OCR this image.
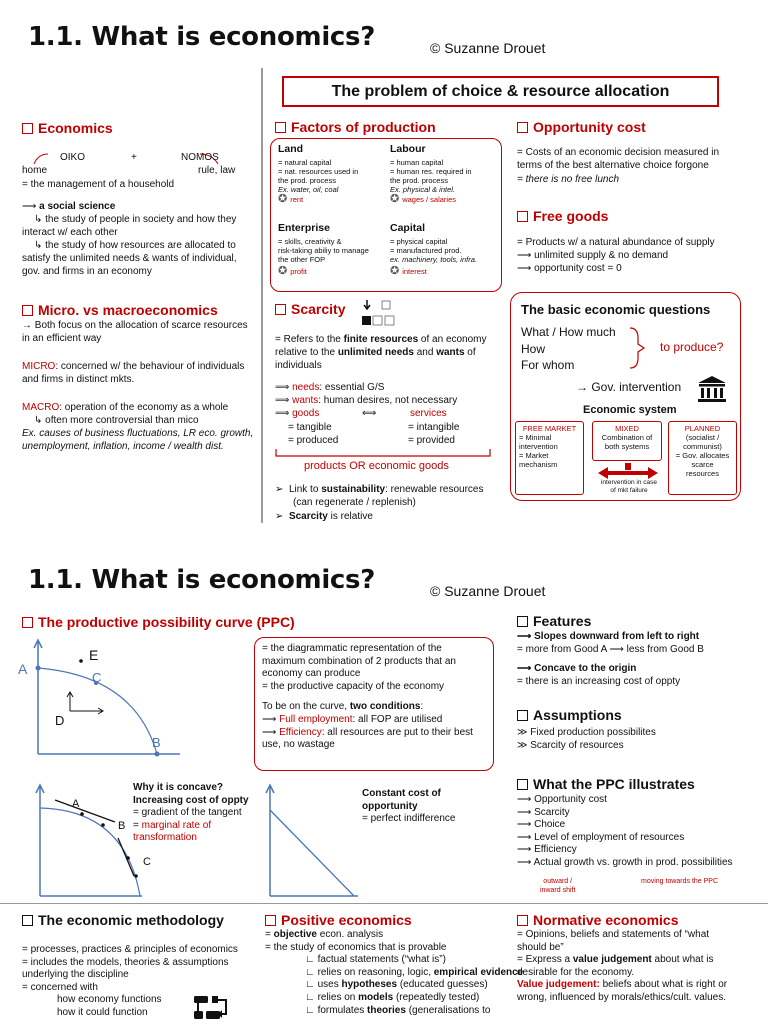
1.1. What is economics?	© Suzanne Drouet
The problem of choice & resource allocation
Economics
OIKO	+	NOMOS
home	rule, law
= the management of a household
⟶ a social science
↳ the study of people in society and how they
interact w/ each other
↳ the study of how resources are allocated to
satisfy the unlimited needs & wants of individual,
gov. and firms in an economy
Micro. vs macroeconomics
→ Both focus on the allocation of scarce resources
in an efficient way
MICRO: concerned w/ the behaviour of individuals
and firms in distinct mkts.
MACRO: operation of the economy as a whole
↳ often more controversial than mico
Ex. causes of business fluctuations, LR eco. growth,
unemployment, inflation, income / wealth dist.
Factors of production
Land
= natural capital
= nat. resources used in
the prod. process
Ex. water, oil, coal
✪ rent
Labour
= human capital
= human res. required in
the prod. process
Ex. physical & intel.
✪ wages / salaries
Enterprise
= skills, creativity &
risk-taking abiliy to manage
the other FOP
✪ profit
Capital
= physical capital
= manufactured prod.
ex. machinery, tools, infra.
✪ interest
Scarcity
= Refers to the finite resources of an economy
relative to the unlimited needs and wants of
individuals
⟹ needs: essential G/S
⟹ wants: human desires, not necessary
⟹ goods	⟺	services
= tangible
= produced
= intangible
= provided
products OR economic goods
➢  Link to sustainability: renewable resources
(can regenerate / replenish)
➢  Scarcity is relative
Opportunity cost
= Costs of an economic decision measured in
terms of the best alternative choice forgone
= there is no free lunch
Free goods
= Products w/ a natural abundance of supply
⟶ unlimited supply & no demand
⟶ opportunity cost = 0
The basic economic questions
What / How much
How
For whom
to produce?
→ Gov. intervention
Economic system
FREE MARKET
= Minimal
intervention
= Market
mechanism
MIXED
Combination of
both systems
PLANNED
(socialist /
communist)
= Gov. allocates
scarce
resources
intervention in case
of mkt failure
1.1. What is economics?	© Suzanne Drouet
The productive possibility curve (PPC)
A
E
C
D
B
= the diagrammatic representation of the
maximum combination of 2 products that an
economy can produce
= the productive capacity of the economy
To be on the curve, two conditions:
⟶ Full employment: all FOP are utilised
⟶ Efficiency: all resources are put to their best
use, no wastage
A
B
C
Why it is concave?
Increasing cost of oppty
= gradient of the tangent
= marginal rate of
transformation
Constant cost of
opportunity
= perfect indifference
Features
⟶ Slopes downward from left to right
= more from Good A ⟶ less from Good B
⟶ Concave to the origin
= there is an increasing cost of oppty
Assumptions
≫ Fixed production possibilites
≫ Scarcity of resources
What the PPC illustrates
⟶ Opportunity cost
⟶ Scarcity
⟶ Choice
⟶ Level of employment of resources
⟶ Efficiency
⟶ Actual growth vs. growth in prod. possibilities
outward /
inward shift
moving towards the PPC
The economic methodology
= processes, practices & principles of economics
= includes the models, theories & assumptions
underlying the discipline
= concerned with
how economy functions
how it could function
Positive economics
= objective econ. analysis
= the study of economics that is provable
∟ factual statements (“what is”)
∟ relies on reasoning, logic, empirical evidence
∟ uses hypotheses (educated guesses)
∟ relies on models (repeatedly tested)
∟ formulates theories (generalisations to
Normative economics
= Opinions, beliefs and statements of “what
should be”
= Express a value judgement about what is
desirable for the economy.
Value judgement: beliefs about what is right or
wrong, influenced by morals/ethics/cult. values.
